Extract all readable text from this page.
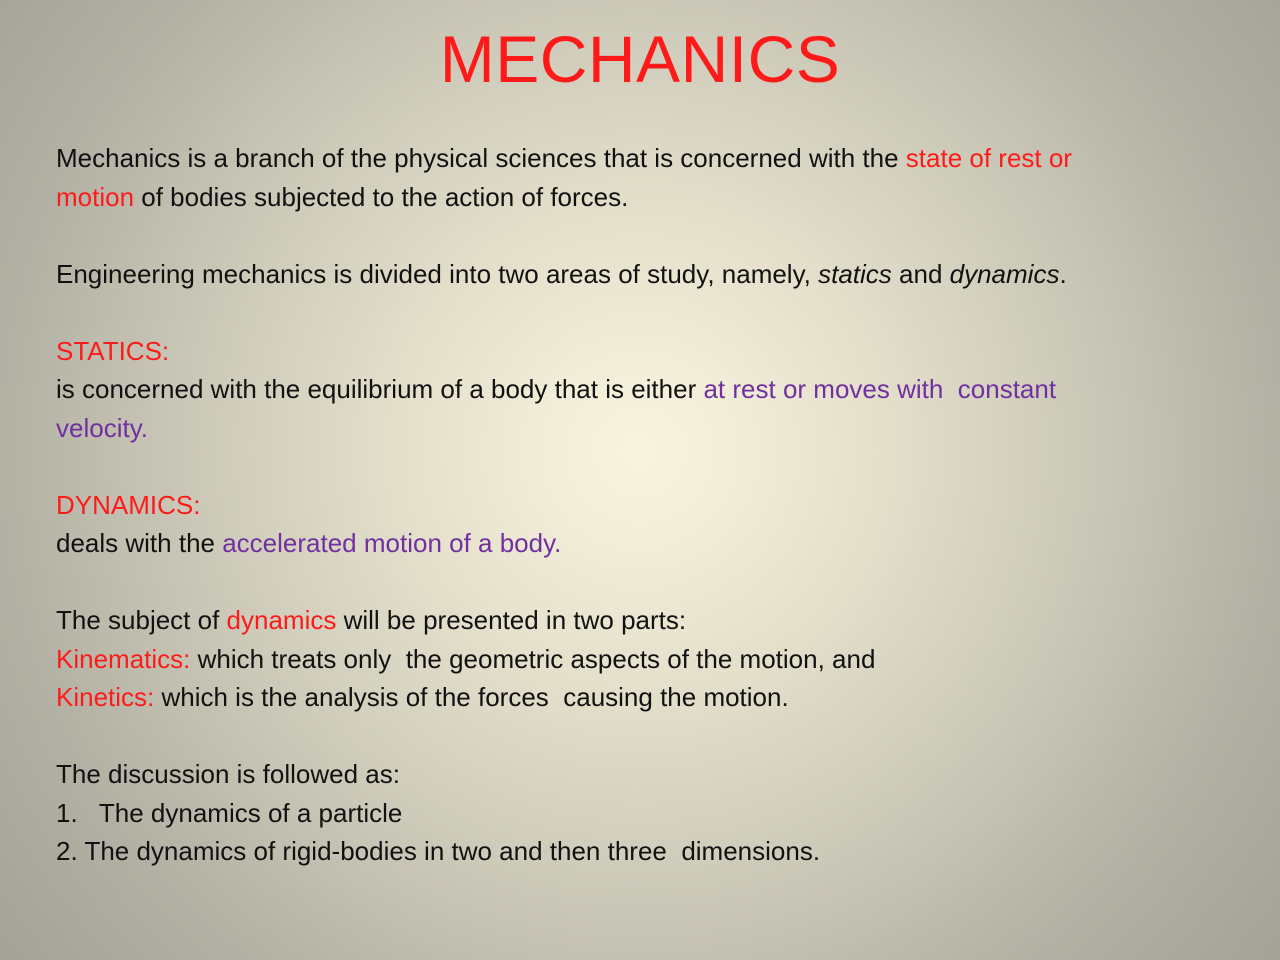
MECHANICS
Mechanics is a branch of the physical sciences that is concerned with the state of rest or
motion of bodies subjected to the action of forces.
Engineering mechanics is divided into two areas of study, namely, statics and dynamics.
STATICS:
is concerned with the equilibrium of a body that is either at rest or moves with  constant
velocity.
DYNAMICS:
deals with the accelerated motion of a body.
The subject of dynamics will be presented in two parts:
Kinematics: which treats only  the geometric aspects of the motion, and
Kinetics: which is the analysis of the forces  causing the motion.
The discussion is followed as:
1.   The dynamics of a particle
2. The dynamics of rigid-bodies in two and then three  dimensions.
